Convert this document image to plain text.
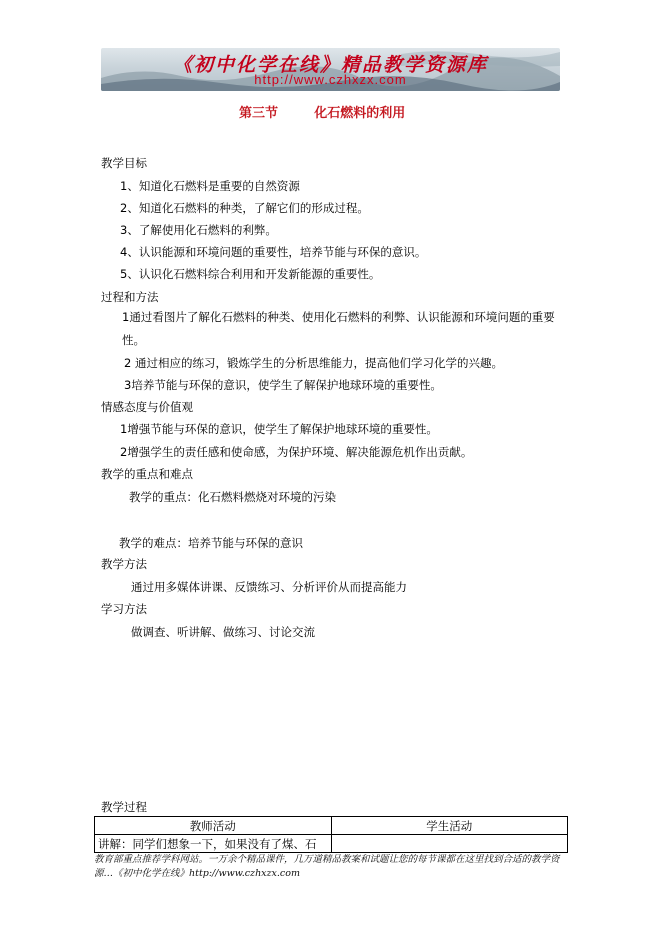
《初中化学在线》精品教学资源库
http://www.czhxzx.com
第三节        化石燃料的利用
教学目标
1、知道化石燃料是重要的自然资源
2、知道化石燃料的种类，了解它们的形成过程。
3、了解使用化石燃料的利弊。
4、认识能源和环境问题的重要性，培养节能与环保的意识。
5、认识化石燃料综合利用和开发新能源的重要性。
过程和方法
1通过看图片了解化石燃料的种类、使用化石燃料的利弊、认识能源和环境问题的重要性。
2 通过相应的练习，锻炼学生的分析思维能力，提高他们学习化学的兴趣。
3培养节能与环保的意识，使学生了解保护地球环境的重要性。
情感态度与价值观
1增强节能与环保的意识，使学生了解保护地球环境的重要性。
2增强学生的责任感和使命感，为保护环境、解决能源危机作出贡献。
教学的重点和难点
教学的重点：化石燃料燃烧对环境的污染
教学的难点：培养节能与环保的意识
教学方法
通过用多媒体讲课、反馈练习、分析评价从而提高能力
学习方法
做调查、听讲解、做练习、讨论交流
教学过程
教师活动	学生活动
讲解：同学们想象一下，如果没有了煤、石	
教育部重点推荐学科网站。一万余个精品课件，几万道精品教案和试题让您的每节课都在这里找到合适的教学资源…《初中化学在线》http://www.czhxzx.com
